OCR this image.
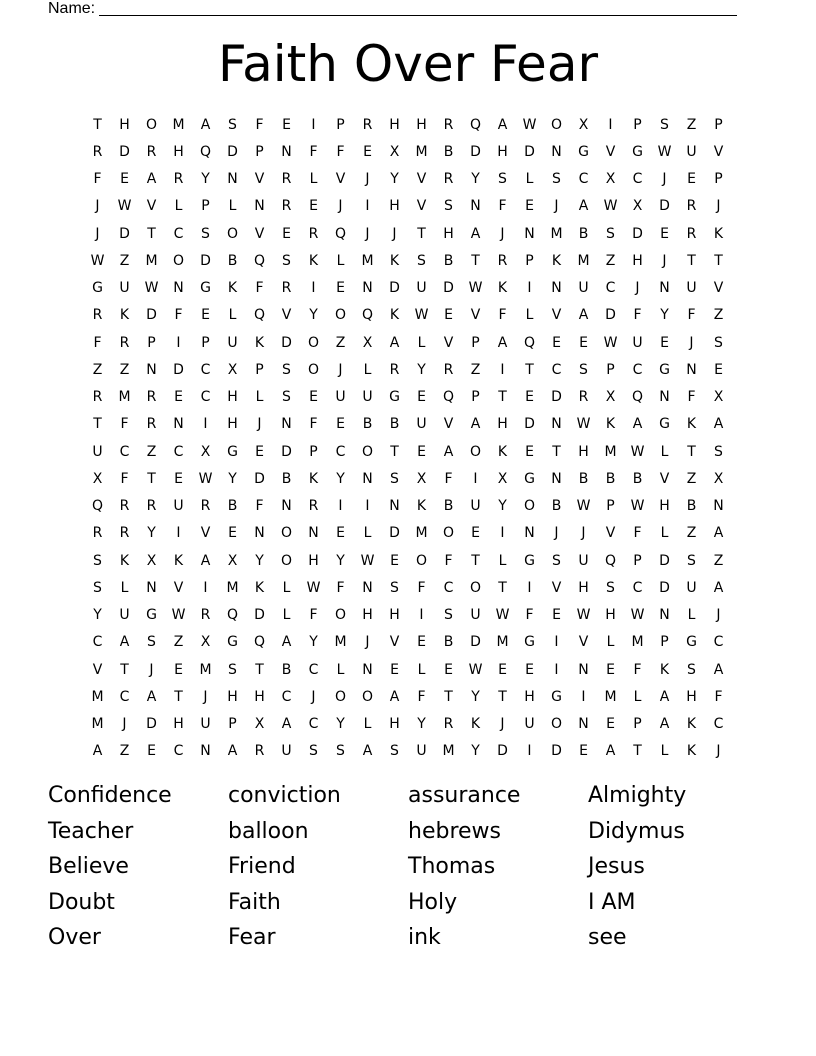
Name:
Faith Over Fear
T	H	O	M	A	S	F	E	I	P	R	H	H	R	Q	A	W	O	X	I	P	S	Z	P
R	D	R	H	Q	D	P	N	F	F	E	X	M	B	D	H	D	N	G	V	G	W	U	V
F	E	A	R	Y	N	V	R	L	V	J	Y	V	R	Y	S	L	S	C	X	C	J	E	P
J	W	V	L	P	L	N	R	E	J	I	H	V	S	N	F	E	J	A	W	X	D	R	J
J	D	T	C	S	O	V	E	R	Q	J	J	T	H	A	J	N	M	B	S	D	E	R	K
W	Z	M	O	D	B	Q	S	K	L	M	K	S	B	T	R	P	K	M	Z	H	J	T	T
G	U	W	N	G	K	F	R	I	E	N	D	U	D	W	K	I	N	U	C	J	N	U	V
R	K	D	F	E	L	Q	V	Y	O	Q	K	W	E	V	F	L	V	A	D	F	Y	F	Z
F	R	P	I	P	U	K	D	O	Z	X	A	L	V	P	A	Q	E	E	W	U	E	J	S
Z	Z	N	D	C	X	P	S	O	J	L	R	Y	R	Z	I	T	C	S	P	C	G	N	E
R	M	R	E	C	H	L	S	E	U	U	G	E	Q	P	T	E	D	R	X	Q	N	F	X
T	F	R	N	I	H	J	N	F	E	B	B	U	V	A	H	D	N	W	K	A	G	K	A
U	C	Z	C	X	G	E	D	P	C	O	T	E	A	O	K	E	T	H	M	W	L	T	S
X	F	T	E	W	Y	D	B	K	Y	N	S	X	F	I	X	G	N	B	B	B	V	Z	X
Q	R	R	U	R	B	F	N	R	I	I	N	K	B	U	Y	O	B	W	P	W	H	B	N
R	R	Y	I	V	E	N	O	N	E	L	D	M	O	E	I	N	J	J	V	F	L	Z	A
S	K	X	K	A	X	Y	O	H	Y	W	E	O	F	T	L	G	S	U	Q	P	D	S	Z
S	L	N	V	I	M	K	L	W	F	N	S	F	C	O	T	I	V	H	S	C	D	U	A
Y	U	G	W	R	Q	D	L	F	O	H	H	I	S	U	W	F	E	W	H	W	N	L	J
C	A	S	Z	X	G	Q	A	Y	M	J	V	E	B	D	M	G	I	V	L	M	P	G	C
V	T	J	E	M	S	T	B	C	L	N	E	L	E	W	E	E	I	N	E	F	K	S	A
M	C	A	T	J	H	H	C	J	O	O	A	F	T	Y	T	H	G	I	M	L	A	H	F
M	J	D	H	U	P	X	A	C	Y	L	H	Y	R	K	J	U	O	N	E	P	A	K	C
A	Z	E	C	N	A	R	U	S	S	A	S	U	M	Y	D	I	D	E	A	T	L	K	J
Confidence	conviction	assurance	Almighty
Teacher	balloon	hebrews	Didymus
Believe	Friend	Thomas	Jesus
Doubt	Faith	Holy	I AM
Over	Fear	ink	see
